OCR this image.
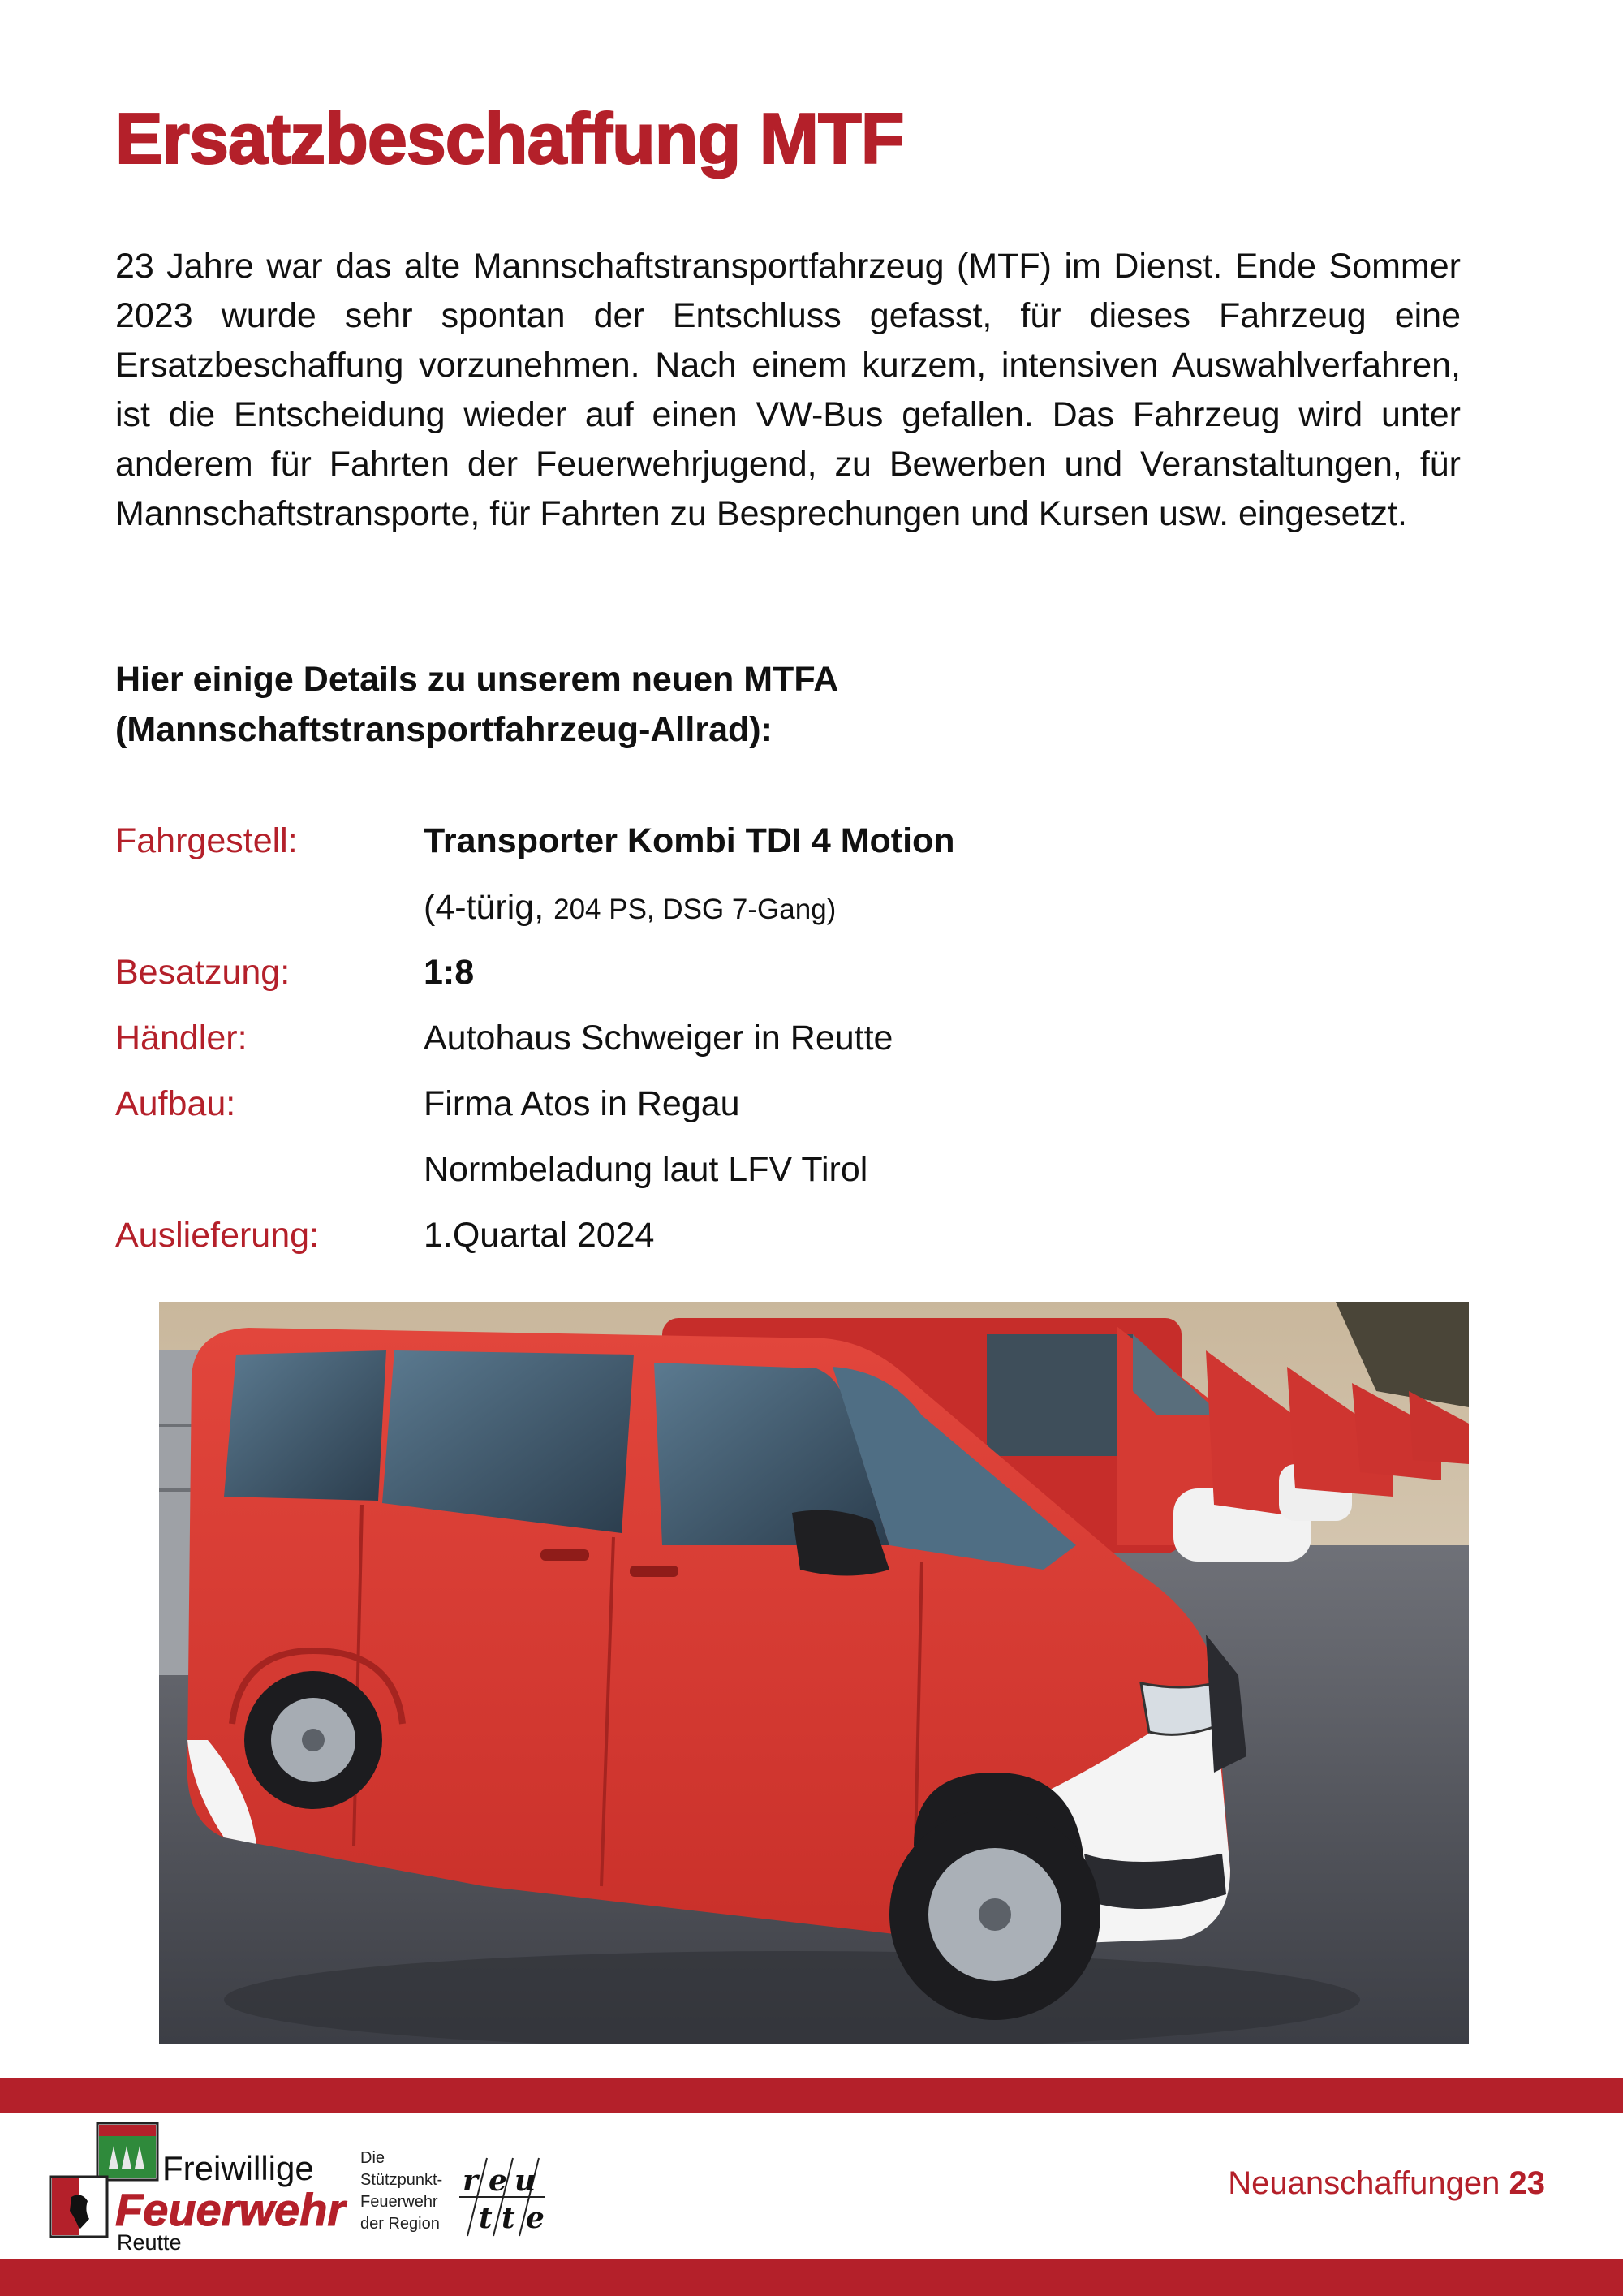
Ersatzbeschaffung MTF

23 Jahre war das alte Mannschaftstransportfahrzeug (MTF) im Dienst. Ende Sommer 2023 wurde sehr spontan der Entschluss gefasst, für dieses Fahrzeug eine Ersatzbeschaffung vorzunehmen. Nach einem kurzem, intensiven Auswahlverfahren, ist die Entscheidung wieder auf einen VW-Bus gefallen. Das Fahrzeug wird unter anderem für Fahrten der Feuerwehrjugend, zu Bewerben und Veranstaltungen, für Mannschaftstransporte, für Fahrten zu Besprechungen und Kursen usw. eingesetzt.

Hier einige Details zu unserem neuen MTFA
(Mannschaftstransportfahrzeug-Allrad):
Fahrgestell:	Transporter Kombi TDI 4 Motion
(4-türig, 204 PS, DSG 7-Gang)
Besatzung:	1:8
Händler:	Autohaus Schweiger in Reutte
Aufbau:	Firma Atos in Regau
Normbeladung laut LFV Tirol
Auslieferung:	1.Quartal 2024
Freiwillige
Feuerwehr
Reutte
Die
Stützpunkt-
Feuerwehr
der Region
r e u
t t e
Neuanschaffungen 23
